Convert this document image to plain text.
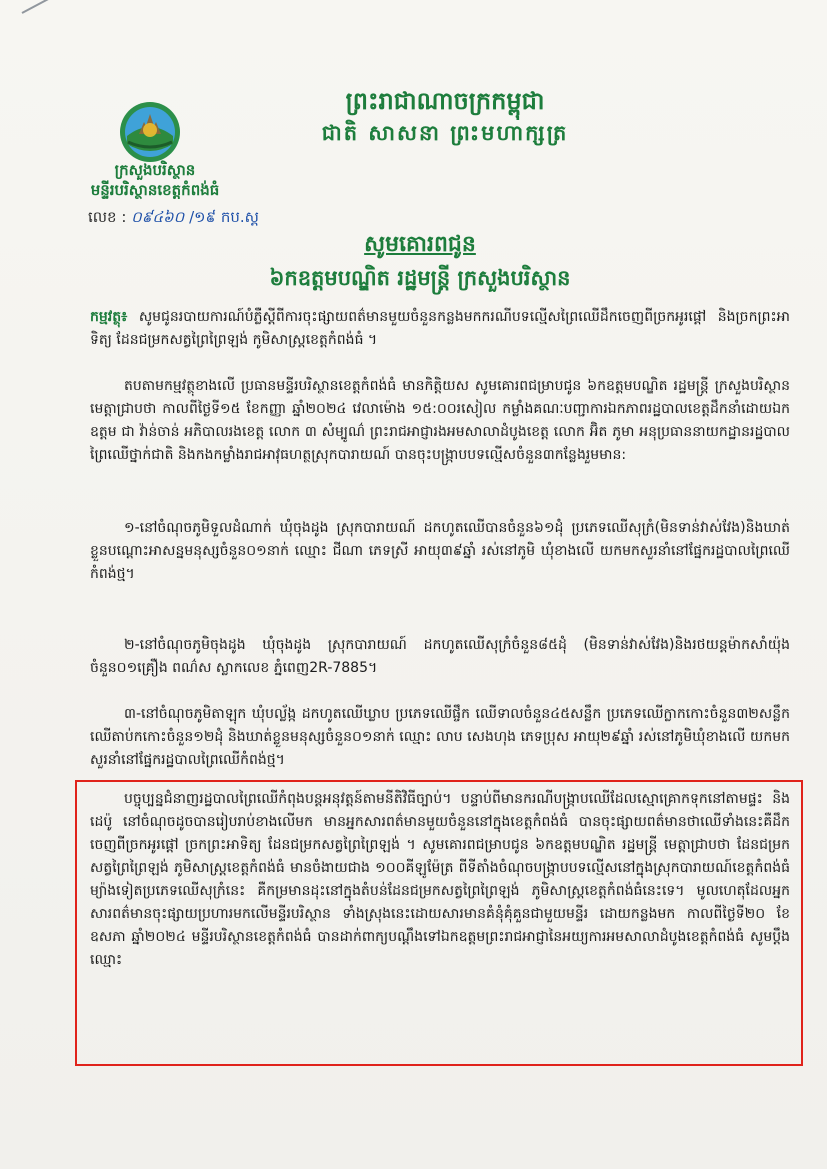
ព្រះរាជាណាចក្រកម្ពុជា
ជាតិ សាសនា ព្រះមហាក្សត្រ
ក្រសួងបរិស្ថាន
មន្ទីរបរិស្ថានខេត្តកំពង់ធំ
លេខ : ០៩៤៦០ /១៩ កប.ស្ត
សូមគោរពជូន
៦កឧត្តមបណ្ឌិត រដ្ឋមន្ត្រី ក្រសួងបរិស្ថាន
កម្មវត្ថុ៖ សូមជូនរបាយការណ៍បំភ្លឺស្ដីពីការចុះផ្សាយពត៌មានមួយចំនួនកន្លងមកករណីបទល្មើសព្រៃឈើដឹកចេញពីច្រកអូរផ្ដៅ និងច្រកព្រះអាទិត្យ ដែនជម្រកសត្វព្រៃព្រៃឡង់ កូមិសាស្ត្រខេត្តកំពង់ធំ ។
តបតាមកម្មវត្ថុខាងលើ ប្រធានមន្ទីរបរិស្ថានខេត្តកំពង់ធំ មានកិត្តិយស សូមគោរពជម្រាបជូន ៦កឧត្តមបណ្ឌិត រដ្ឋមន្ត្រី ក្រសួងបរិស្ថាន មេត្តាជ្រាបថា កាលពីថ្ងៃទី១៥ ខែកញ្ញា ឆ្នាំ២០២៤ វេលាម៉ោង ១៥:០០រសៀល កម្លាំងគណៈបញ្ជាការឯកភាពរដ្ឋបាលខេត្តដឹកនាំដោយឯកឧត្តម ជា វ៉ាន់ចាន់ អភិបាលរងខេត្ត លោក ៣ សំម្បូណ៌ ព្រះរាជអាជ្ញារងអមសាលាដំបូងខេត្ត លោក អ៊ិត ភូមា អនុប្រធាននាយកដ្ឋានរដ្ឋបាលព្រៃឈើថ្នាក់ជាតិ និងកងកម្លាំងរាជអាវុធហត្ថស្រុកបារាយណ៍ បានចុះបង្ក្រាបបទល្មើសចំនួន៣កន្លែងរួមមាន:
១-នៅចំណុចភូមិទួលដំណាក់ ឃុំចុងដូង ស្រុកបារាយណ៍ ដកហូតឈើបានចំនួន៦១ដុំ ប្រភេទឈើសុក្រំ(មិនទាន់វាស់វែង)និងឃាត់ខ្លួនបណ្ដោះអាសន្នមនុស្សចំនួន០១នាក់ ឈ្មោះ ជីណា ភេទស្រី អាយុ៣៩ឆ្នាំ រស់នៅភូមិ ឃុំខាងលើ យកមកសួរនាំនៅផ្នែករដ្ឋបាលព្រៃឈើកំពង់ថ្ម។
២-នៅចំណុចភូមិចុងដូង ឃុំចុងដូង ស្រុកបារាយណ៍ ដកហូតឈើសុក្រំចំនួន៨៥ដុំ (មិនទាន់វាស់វែង)និងរថយន្តម៉ាកសាំយ៉ុងចំនួន០១គ្រឿង ពណ៌ស ស្លាកលេខ ភ្នំពេញ2R-7885។
៣-នៅចំណុចភូមិតាឡុក ឃុំបល្ល័ង្ក ដកហូតឈើឃ្លាប ប្រភេទឈើផ្ចឹក ឈើទាលចំនួន៤៥សន្លឹក ប្រភេទឈើក្លាកកោះចំនួន៣២សន្លឹក ឈើតាប់កកោះចំនួន១២ដុំ និងឃាត់ខ្លួនមនុស្សចំនួន០១នាក់ ឈ្មោះ លាប សេងហុង ភេទប្រុស អាយុ២៩ឆ្នាំ រស់នៅភូមិឃុំខាងលើ យកមកសួរនាំនៅផ្នែករដ្ឋបាលព្រៃឈើកំពង់ថ្ម។
បច្ចុប្បន្នជំនាញរដ្ឋបាលព្រៃឈើកំពុងបន្តអនុវត្តន៍តាមនីតិវិធីច្បាប់។ បន្ទាប់ពីមានករណីបង្ក្រាបឈើដែលស្មោគ្រោកទុកនៅតាមផ្ទះ និងដេប៉ូ នៅចំណុចដូចបានរៀបរាប់ខាងលើមក មានអ្នកសារពត៌មានមួយចំនួននៅក្នុងខេត្តកំពង់ធំ បានចុះផ្សាយពត៌មានថាឈើទាំងនេះគឺដឹកចេញពីច្រកអូរផ្ដៅ ច្រកព្រះអាទិត្យ ដែនជម្រកសត្វព្រៃព្រៃឡង់ ។ សូមគោរពជម្រាបជូន ៦កឧត្តមបណ្ឌិត រដ្ឋមន្ត្រី មេត្តាជ្រាបថា ដែនជម្រកសត្វព្រៃព្រៃឡង់ ភូមិសាស្ត្រខេត្តកំពង់ធំ មានចំងាយជាង ១០០គីឡូម៉ែត្រ ពីទីតាំងចំណុចបង្ក្រាបបទល្មើសនៅក្នុងស្រុកបារាយណ៍ខេត្តកំពង់ធំ ម្យ៉ាងទៀតប្រភេទឈើសុក្រំនេះ គឺកម្រមានដុះនៅក្នុងតំបន់ដែនជម្រកសត្វព្រៃព្រៃឡង់ ភូមិសាស្ត្រខេត្តកំពង់ធំនេះទេ។ មូលហេតុដែលអ្នកសារពត៌មានចុះផ្សាយប្រហារមកលើមន្ទីរបរិស្ថាន ទាំងស្រុងនេះដោយសារមានគំនុំគុំគួនជាមួយមន្ទីរ ដោយកន្លងមក កាលពីថ្ងៃទី២០ ខែឧសភា ឆ្នាំ២០២៤ មន្ទីរបរិស្ថានខេត្តកំពង់ធំ បានដាក់ពាក្យបណ្ដឹងទៅឯកឧត្តមព្រះរាជអាជ្ញានៃអយ្យការអមសាលាដំបូងខេត្តកំពង់ធំ សូមប្ដឹងឈ្មោះ
